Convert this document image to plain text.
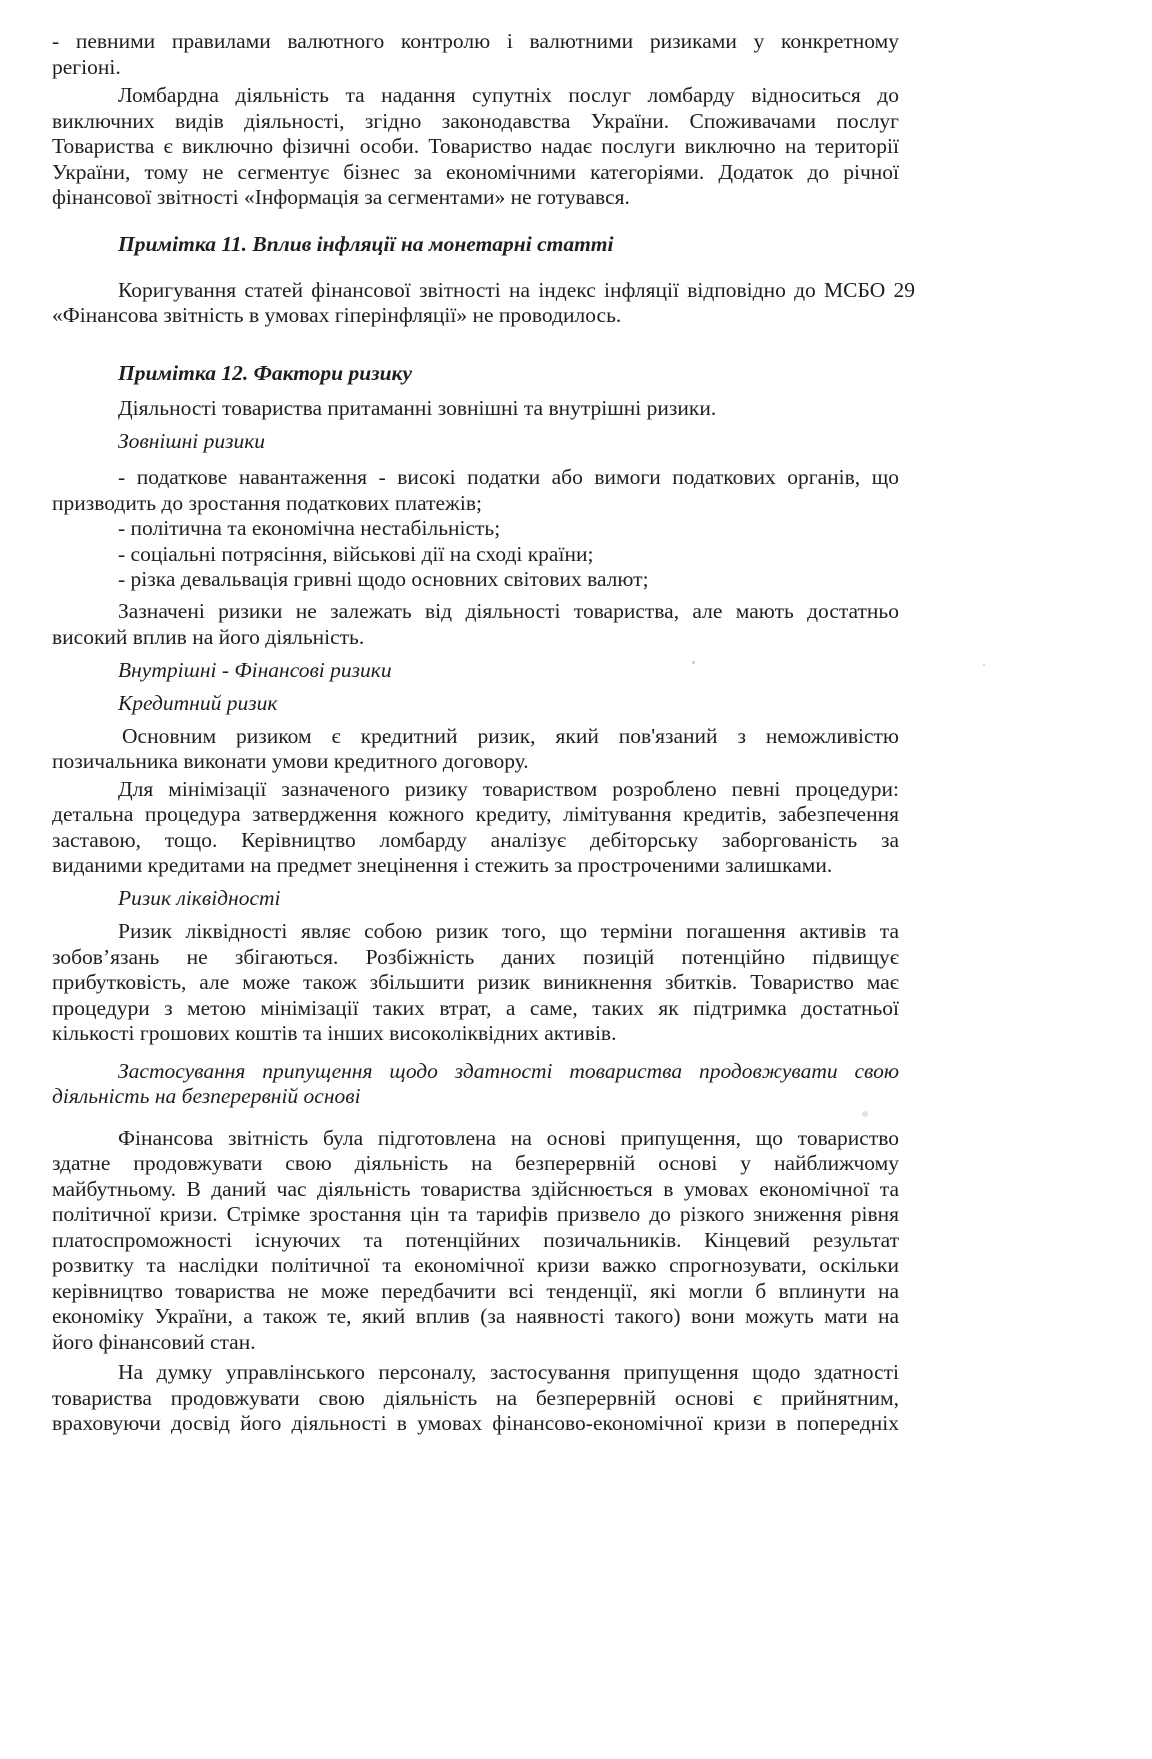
- певними правилами валютного контролю і валютними ризиками у конкретному

регіоні.

Ломбардна діяльність та надання супутніх послуг ломбарду відноситься до

виключних видів діяльності, згідно законодавства України. Споживачами послуг

Товариства є виключно фізичні особи. Товариство надає послуги виключно на території

України, тому не сегментує бізнес за економічними категоріями. Додаток до річної

фінансової звітності «Інформація за сегментами» не готувався.

Примітка 11. Вплив інфляції на монетарні статті

Коригування статей фінансової звітності на індекс інфляції відповідно до МСБО 29

«Фінансова звітність в умовах гіперінфляції» не проводилось.

Примітка 12. Фактори ризику

Діяльності товариства притаманні зовнішні та внутрішні ризики.

Зовнішні ризики

- податкове навантаження - високі податки або вимоги податкових органів, що

призводить до зростання податкових платежів;

- політична та економічна нестабільність;

- соціальні потрясіння, військові дії на сході країни;

- різка девальвація гривні щодо основних світових валют;

Зазначені ризики не залежать від діяльності товариства, але мають достатньо

високий вплив на його діяльність.

Внутрішні - Фінансові ризики

Кредитний ризик

Основним ризиком є кредитний ризик, який пов'язаний з неможливістю

позичальника виконати умови кредитного договору.

Для мінімізації зазначеного ризику товариством розроблено певні процедури:

детальна процедура затвердження кожного кредиту, лімітування кредитів, забезпечення

заставою, тощо. Керівництво ломбарду аналізує дебіторську заборгованість за

виданими кредитами на предмет знецінення і стежить за простроченими залишками.

Ризик ліквідності

Ризик ліквідності являє собою ризик того, що терміни погашення активів та

зобов’язань не збігаються. Розбіжність даних позицій потенційно підвищує

прибутковість, але може також збільшити ризик виникнення збитків. Товариство має

процедури з метою мінімізації таких втрат, а саме, таких як підтримка достатньої

кількості грошових коштів та інших високоліквідних активів.

Застосування припущення щодо здатності товариства продовжувати свою

діяльність на безперервній основі

Фінансова звітність була підготовлена на основі припущення, що товариство

здатне продовжувати свою діяльність на безперервній основі у найближчому

майбутньому. В даний час діяльність товариства здійснюється в умовах економічної та

політичної кризи. Стрімке зростання цін та тарифів призвело до різкого зниження рівня

платоспроможності існуючих та потенційних позичальників. Кінцевий результат

розвитку та наслідки політичної та економічної кризи важко спрогнозувати, оскільки

керівництво товариства не може передбачити всі тенденції, які могли б вплинути на

економіку України, а також те, який вплив (за наявності такого) вони можуть мати на

його фінансовий стан.

На думку управлінського персоналу, застосування припущення щодо здатності

товариства продовжувати свою діяльність на безперервній основі є прийнятним,

враховуючи досвід його діяльності в умовах фінансово-економічної кризи в попередніх
